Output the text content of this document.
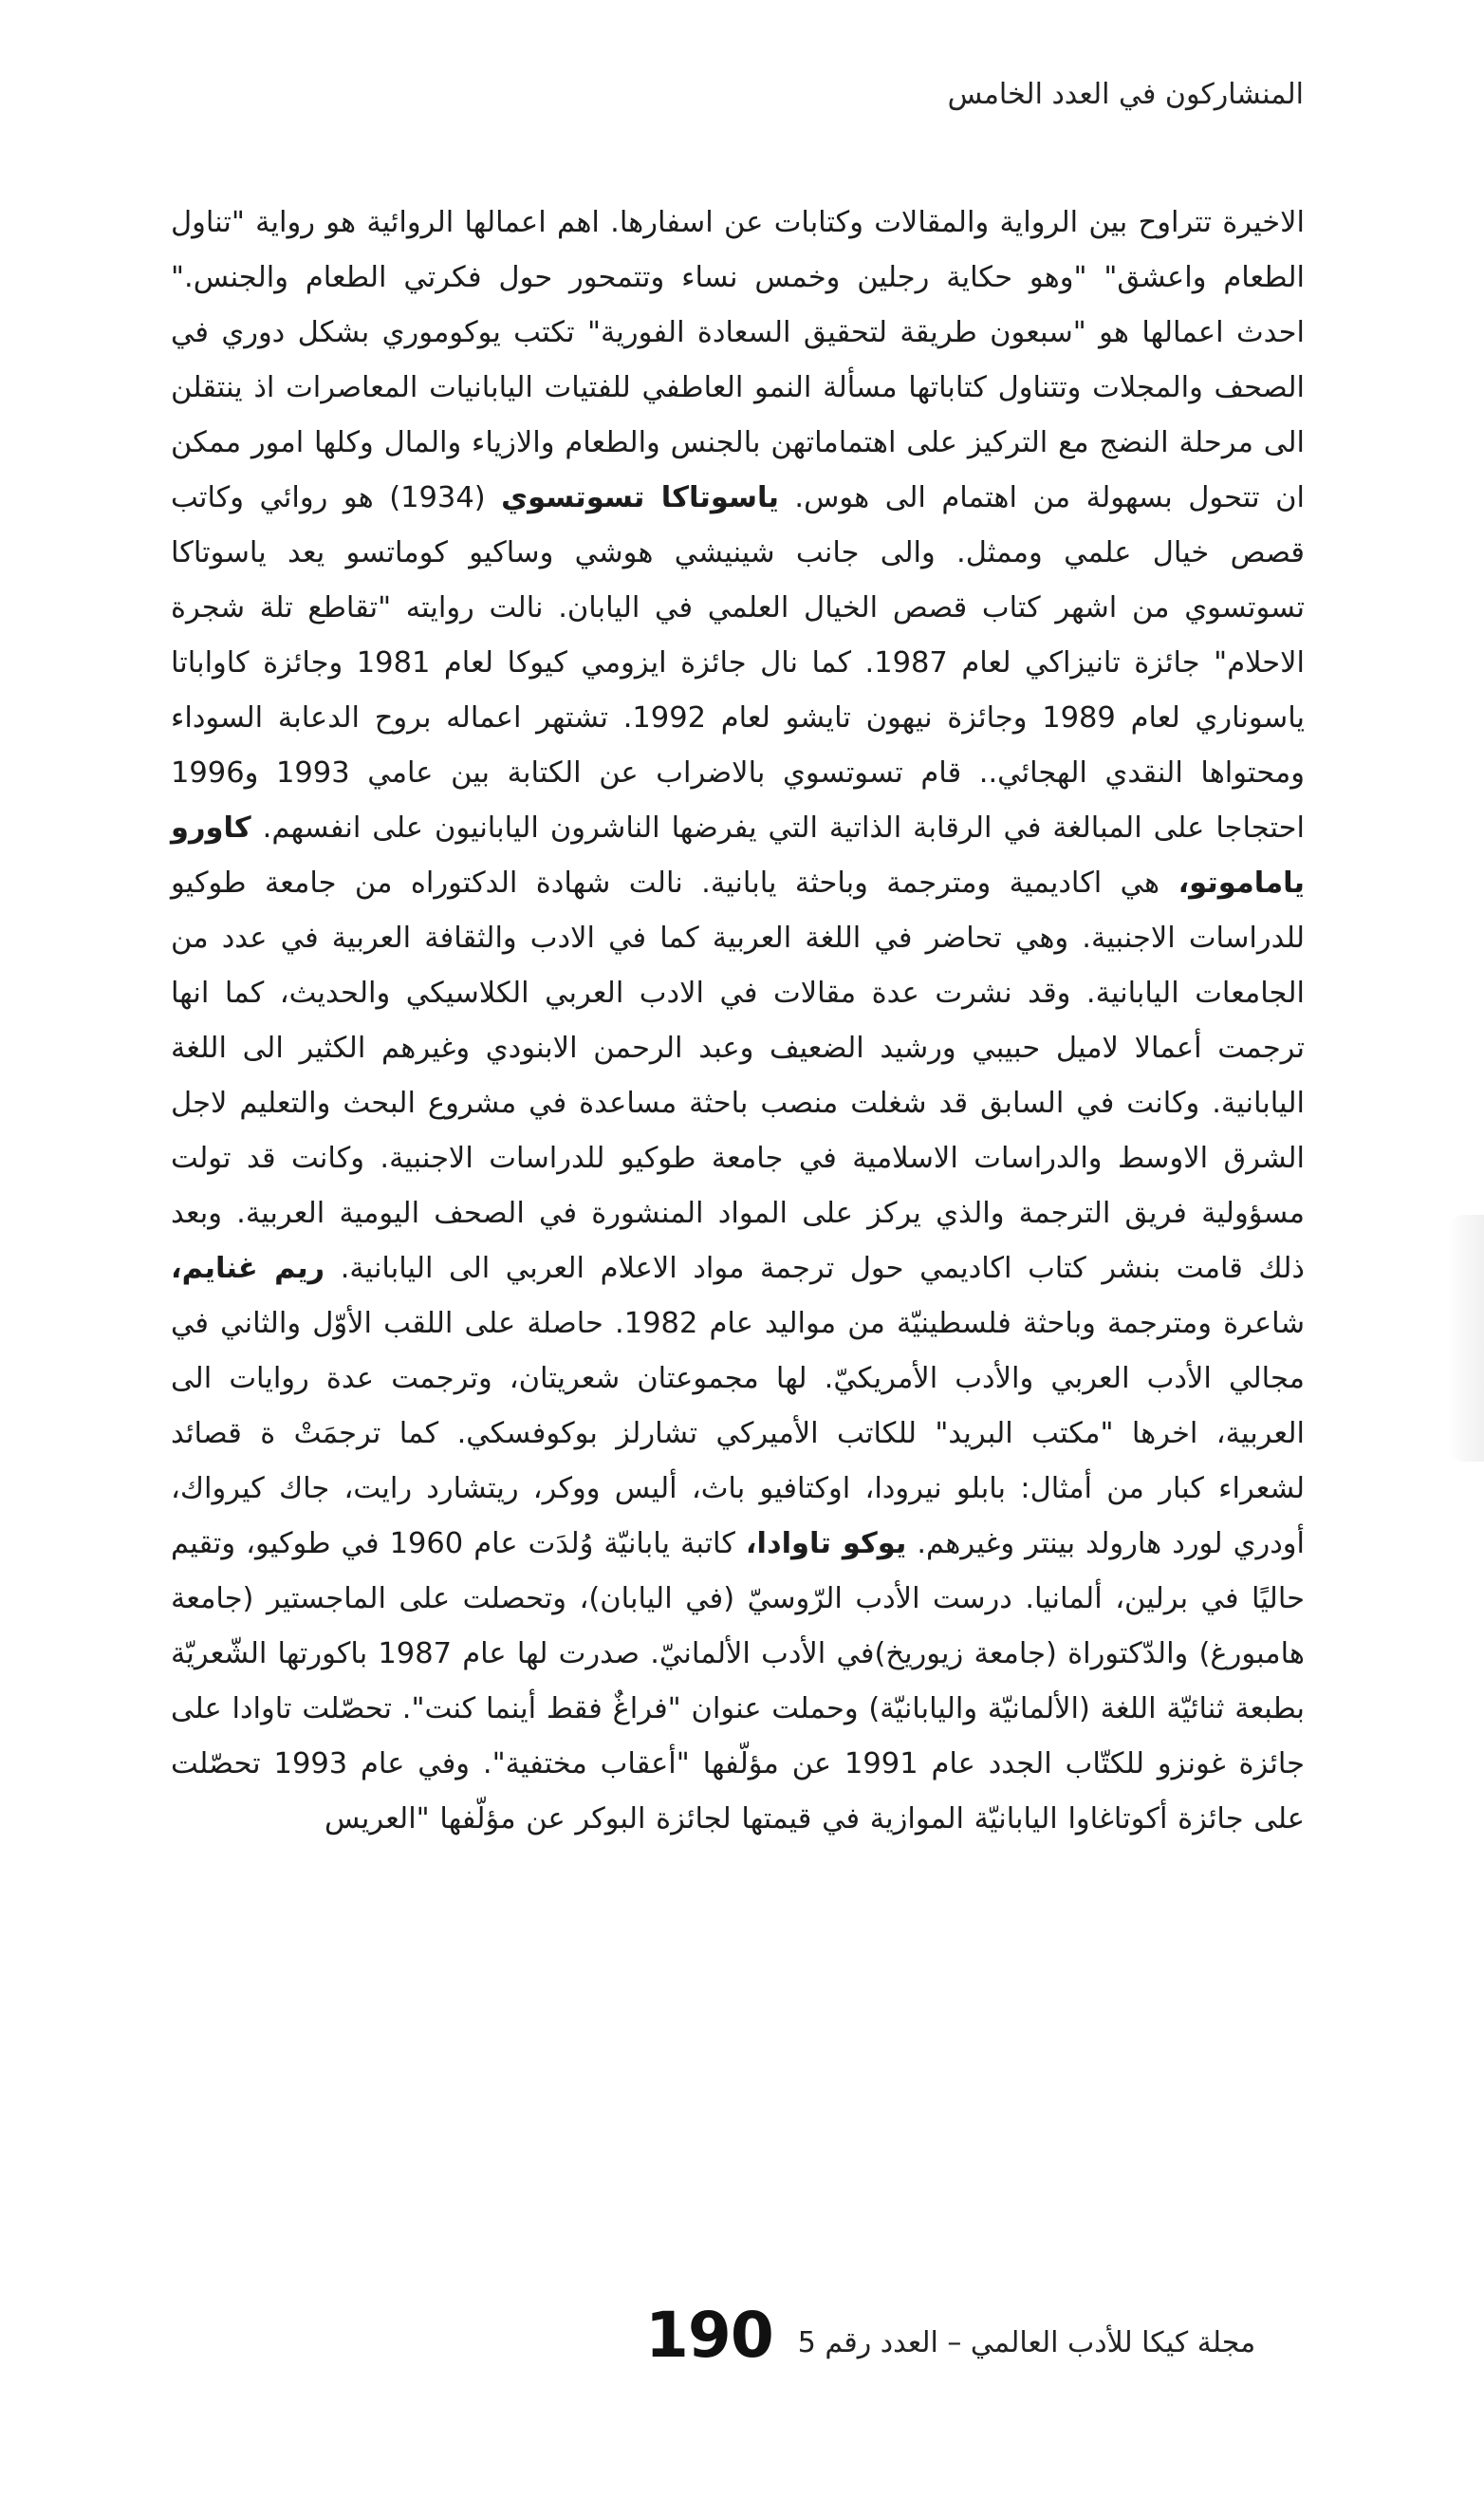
المنشاركون في العدد الخامس

الاخيرة تتراوح بين الرواية والمقالات وكتابات عن اسفارها. اهم اعمالها الروائية هو رواية "تناول الطعام واعشق" "وهو حكاية رجلين وخمس نساء وتتمحور حول فكرتي الطعام والجنس." احدث اعمالها هو "سبعون طريقة لتحقيق السعادة الفورية" تكتب يوكوموري بشكل دوري في الصحف والمجلات وتتناول كتاباتها مسألة النمو العاطفي للفتيات اليابانيات المعاصرات اذ ينتقلن الى مرحلة النضج مع التركيز على اهتماماتهن بالجنس والطعام والازياء والمال وكلها امور ممكن ان تتحول بسهولة من اهتمام الى هوس. ياسوتاكا تسوتسوي (1934) هو روائي وكاتب قصص خيال علمي وممثل. والى جانب شينيشي هوشي وساكيو كوماتسو يعد ياسوتاكا تسوتسوي من اشهر كتاب قصص الخيال العلمي في اليابان. نالت روايته "تقاطع تلة شجرة الاحلام" جائزة تانيزاكي لعام 1987. كما نال جائزة ايزومي كيوكا لعام 1981 وجائزة كاواباتا ياسوناري لعام 1989 وجائزة نيهون تايشو لعام 1992. تشتهر اعماله بروح الدعابة السوداء ومحتواها النقدي الهجائي.. قام تسوتسوي بالاضراب عن الكتابة بين عامي 1993 و1996 احتجاجا على المبالغة في الرقابة الذاتية التي يفرضها الناشرون اليابانيون على انفسهم. كاورو ياماموتو، هي اكاديمية ومترجمة وباحثة يابانية. نالت شهادة الدكتوراه من جامعة طوكيو للدراسات الاجنبية. وهي تحاضر في اللغة العربية كما في الادب والثقافة العربية في عدد من الجامعات اليابانية. وقد نشرت عدة مقالات في الادب العربي الكلاسيكي والحديث، كما انها ترجمت أعمالا لاميل حبيبي ورشيد الضعيف وعبد الرحمن الابنودي وغيرهم الكثير الى اللغة اليابانية. وكانت في السابق قد شغلت منصب باحثة مساعدة في مشروع البحث والتعليم لاجل الشرق الاوسط والدراسات الاسلامية في جامعة طوكيو للدراسات الاجنبية. وكانت قد تولت مسؤولية فريق الترجمة والذي يركز على المواد المنشورة في الصحف اليومية العربية. وبعد ذلك قامت بنشر كتاب اكاديمي حول ترجمة مواد الاعلام العربي الى اليابانية. ريم غنايم، شاعرة ومترجمة وباحثة فلسطينيّة من مواليد عام 1982. حاصلة على اللقب الأوّل والثاني في مجالي الأدب العربي والأدب الأمريكيّ. لها مجموعتان شعريتان، وترجمت عدة روايات الى العربية، اخرها "مكتب البريد" للكاتب الأميركي تشارلز بوكوفسكي. كما ترجمَتْ ة قصائد لشعراء كبار من أمثال: بابلو نيرودا، اوكتافيو باث، أليس ووكر، ريتشارد رايت، جاك كيرواك، أودري لورد هارولد بينتر وغيرهم. يوكو تاوادا، كاتبة يابانيّة وُلدَت عام 1960 في طوكيو، وتقيم حاليًا في برلين، ألمانيا. درست الأدب الرّوسيّ (في اليابان)، وتحصلت على الماجستير (جامعة هامبورغ) والدّكتوراة (جامعة زيوريخ)في الأدب الألمانيّ. صدرت لها عام 1987 باكورتها الشّعريّة بطبعة ثنائيّة اللغة (الألمانيّة واليابانيّة) وحملت عنوان "فراغٌ فقط أينما كنت". تحصّلت تاوادا على جائزة غونزو للكتّاب الجدد عام 1991 عن مؤلّفها "أعقاب مختفية". وفي عام 1993 تحصّلت على جائزة أكوتاغاوا اليابانيّة الموازية في قيمتها لجائزة البوكر عن مؤلّفها "العريس

190 مجلة كيكا للأدب العالمي – العدد رقم 5
